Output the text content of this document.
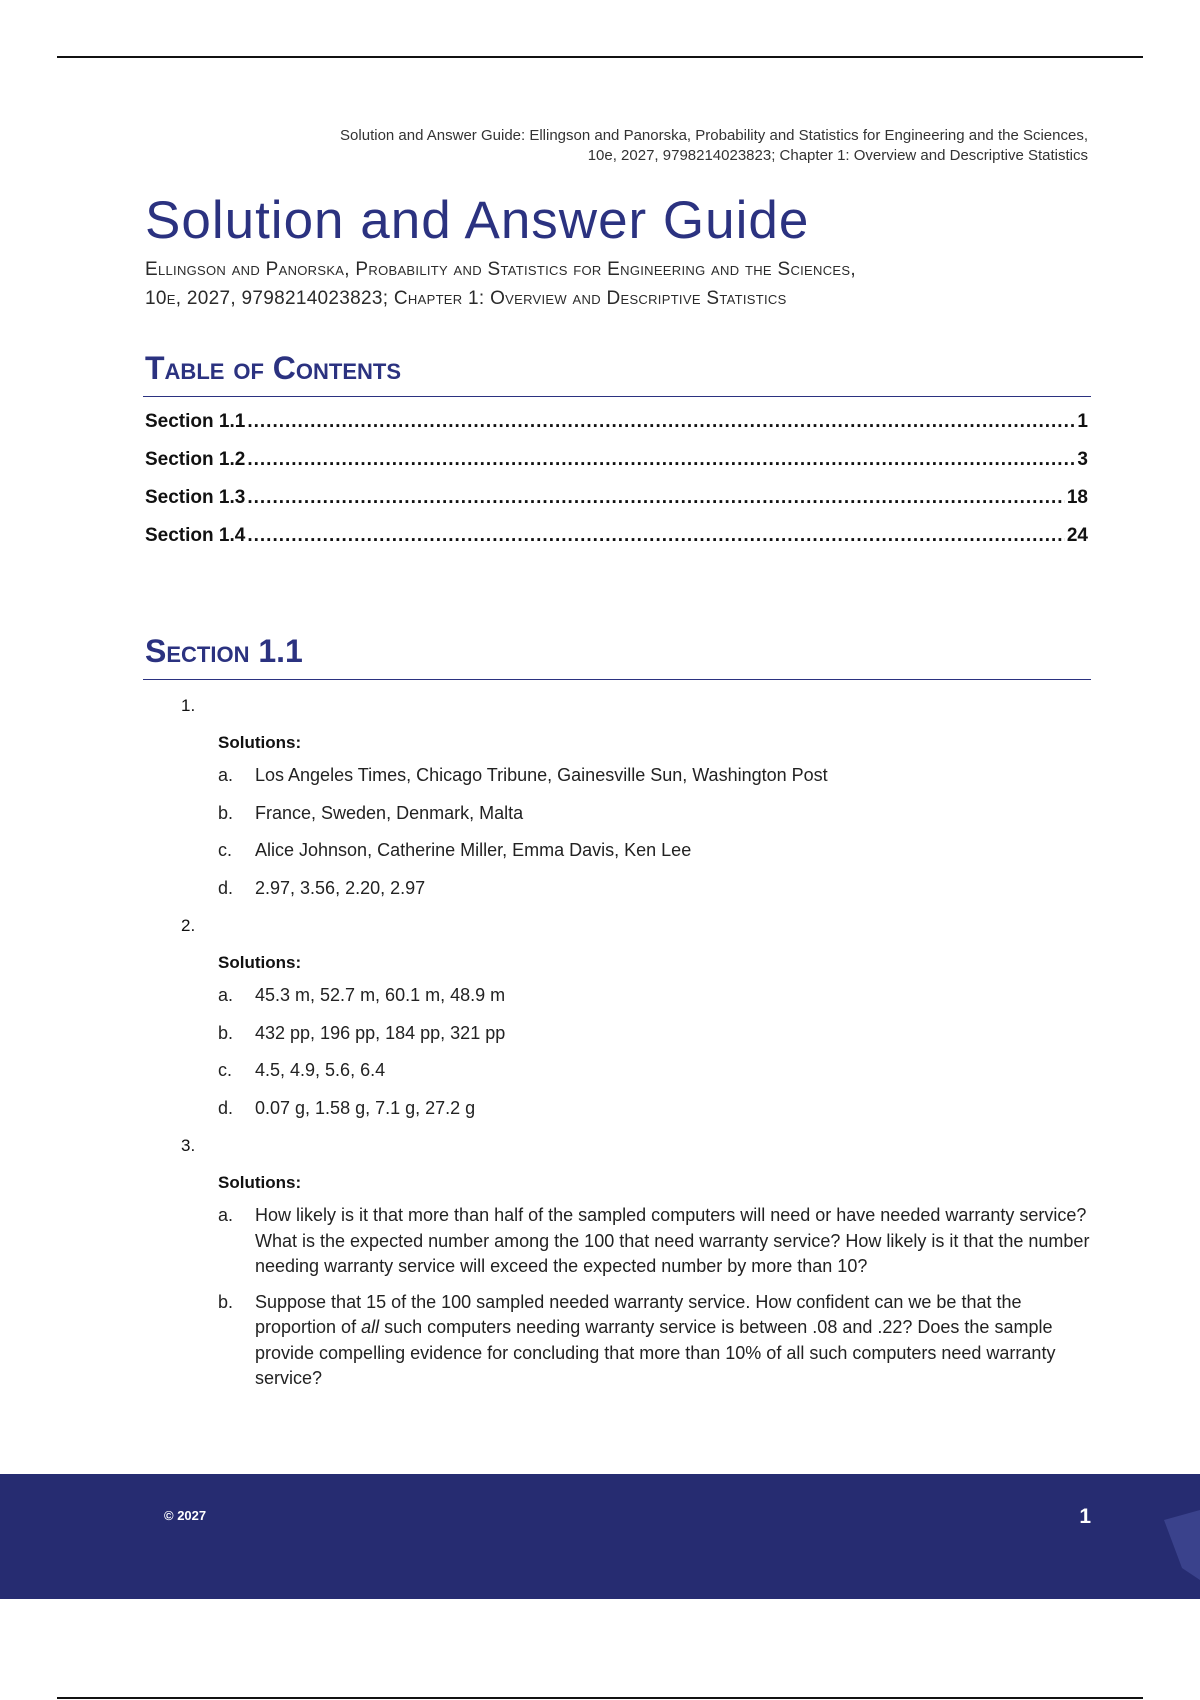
Solution and Answer Guide: Ellingson and Panorska, Probability and Statistics for Engineering and the Sciences,
10e, 2027, 9798214023823; Chapter 1: Overview and Descriptive Statistics
Solution and Answer Guide
Ellingson and Panorska, Probability and Statistics for Engineering and the Sciences,
10e, 2027, 9798214023823; Chapter 1: Overview and Descriptive Statistics
Table of Contents
Section 1.1 .....	1
Section 1.2 .....	3
Section 1.3 .....	18
Section 1.4 .....	24
Section 1.1
1.
Solutions:
a.	Los Angeles Times, Chicago Tribune, Gainesville Sun, Washington Post
b.	France, Sweden, Denmark, Malta
c.	Alice Johnson, Catherine Miller, Emma Davis, Ken Lee
d.	2.97, 3.56, 2.20, 2.97
2.
Solutions:
a.	45.3 m, 52.7 m, 60.1 m, 48.9 m
b.	432 pp, 196 pp, 184 pp, 321 pp
c.	4.5, 4.9, 5.6, 6.4
d.	0.07 g, 1.58 g, 7.1 g, 27.2 g
3.
Solutions:
a.	How likely is it that more than half of the sampled computers will need or have needed warranty service? What is the expected number among the 100 that need warranty service? How likely is it that the number needing warranty service will exceed the expected number by more than 10?
b.	Suppose that 15 of the 100 sampled needed warranty service. How confident can we be that the proportion of all such computers needing warranty service is between .08 and .22? Does the sample provide compelling evidence for concluding that more than 10% of all such computers need warranty service?
© 2027	1
